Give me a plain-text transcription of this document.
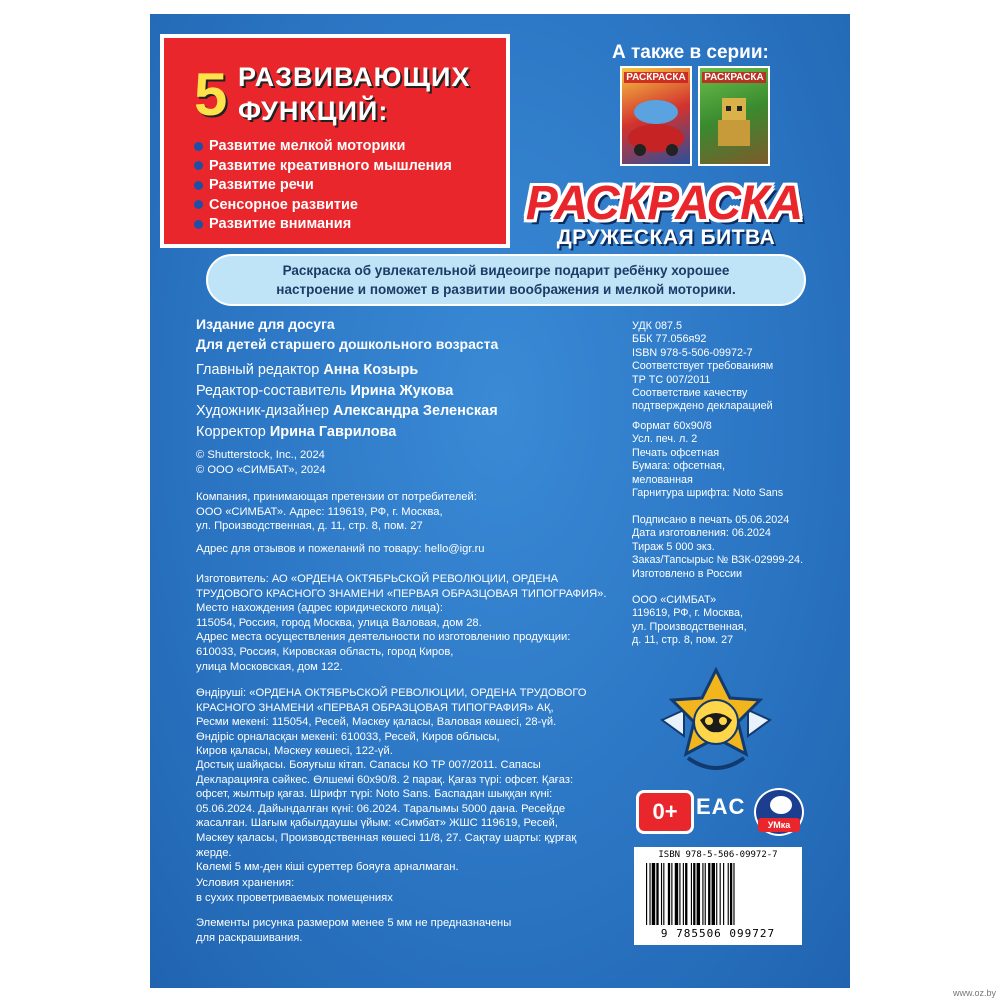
5 РАЗВИВАЮЩИХ
ФУНКЦИЙ:
Развитие мелкой моторики
Развитие креативного мышления
Развитие речи
Сенсорное развитие
Развитие внимания
А также в серии:
РАСКРАСКА РАСКРАСКА
РАСКРАСКА
ДРУЖЕСКАЯ БИТВА
Раскраска об увлекательной видеоигре подарит ребёнку хорошее
настроение и поможет в развитии воображения и мелкой моторики.
Издание для досуга
Для детей старшего дошкольного возраста
Главный редактор Анна Козырь
Редактор-составитель Ирина Жукова
Художник-дизайнер Александра Зеленская
Корректор Ирина Гаврилова
© Shutterstock, Inc., 2024
© ООО «СИМБАТ», 2024
Компания, принимающая претензии от потребителей:
ООО «СИМБАТ». Адрес: 119619, РФ, г. Москва,
ул. Производственная, д. 11, стр. 8, пом. 27
Адрес для отзывов и пожеланий по товару: hello@igr.ru
Изготовитель: АО «ОРДЕНА ОКТЯБРЬСКОЙ РЕВОЛЮЦИИ, ОРДЕНА
ТРУДОВОГО КРАСНОГО ЗНАМЕНИ «ПЕРВАЯ ОБРАЗЦОВАЯ ТИПОГРАФИЯ».
Место нахождения (адрес юридического лица):
115054, Россия, город Москва, улица Валовая, дом 28.
Адрес места осуществления деятельности по изготовлению продукции:
610033, Россия, Кировская область, город Киров,
улица Московская, дом 122.
Өндіруші: «ОРДЕНА ОКТЯБРЬСКОЙ РЕВОЛЮЦИИ, ОРДЕНА ТРУДОВОГО
КРАСНОГО ЗНАМЕНИ «ПЕРВАЯ ОБРАЗЦОВАЯ ТИПОГРАФИЯ» АҚ,
Ресми мекені: 115054, Ресей, Мәскеу қаласы, Валовая көшесі, 28-үй.
Өндіріс орналасқан мекені: 610033, Ресей, Киров облысы,
Киров қаласы, Мәскеу көшесі, 122-үй.
Достық шайқасы. Бояуғыш кітап. Сапасы КО ТР 007/2011. Сапасы
Декларацияға сәйкес. Өлшемі 60х90/8. 2 парақ. Қағаз түрі: офсет. Қағаз:
офсет, жылтыр қағаз. Шрифт түрі: Noto Sans. Баспадан шыққан күні:
05.06.2024. Дайындалған күні: 06.2024. Таралымы 5000 дана. Ресейде
жасалған. Шағым қабылдаушы үйым: «Симбат» ЖШС 119619, Ресей,
Мәскеу қаласы, Производственная көшесі 11/8, 27. Сақтау шарты: құрғақ
жерде.
Көлемі 5 мм-ден кіші суреттер бояуға арналмаған.
Условия хранения:
в сухих проветриваемых помещениях
Элементы рисунка размером менее 5 мм не предназначены
для раскрашивания.
УДК 087.5
ББК 77.056я92
ISBN 978-5-506-09972-7
Соответствует требованиям
ТР ТС 007/2011
Соответствие качеству
подтверждено декларацией
Формат 60х90/8
Усл. печ. л. 2
Печать офсетная
Бумага: офсетная,
мелованная
Гарнитура шрифта: Noto Sans
Подписано в печать 05.06.2024
Дата изготовления: 06.2024
Тираж 5 000 экз.
Заказ/Тапсырыс № ВЗК-02999-24.
Изготовлено в России
ООО «СИМБАТ»
119619, РФ, г. Москва,
ул. Производственная,
д. 11, стр. 8, пом. 27
0+ EAC
УМка
ISBN 978-5-506-09972-7
9 785506 099727
www.oz.by
